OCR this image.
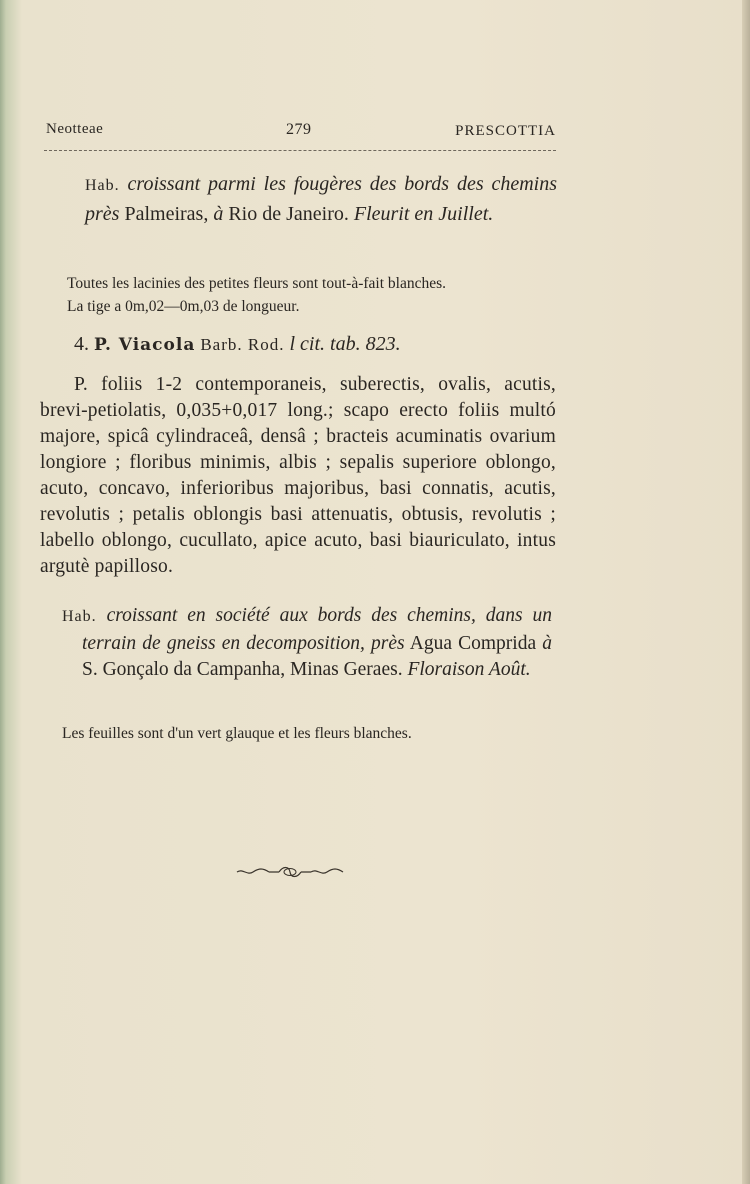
Neotteae	279	PRESCOTTIA
Hab. croissant parmi les fougères des bords des chemins près Palmeiras, à Rio de Janeiro. Fleurit en Juillet.
Toutes les lacinies des petites fleurs sont tout-à-fait blanches.
La tige a 0m,02—0m,03 de longueur.
4. P. Viacola Barb. Rod. l cit. tab. 823.
P. foliis 1-2 contemporaneis, suberectis, ovalis, acutis, brevi-petiolatis, 0,035+0,017 long.; scapo erecto foliis multó majore, spicâ cylindraceâ, densâ ; bracteis acuminatis ovarium longiore ; floribus minimis, albis ; sepalis superiore oblongo, acuto, concavo, inferioribus majoribus, basi connatis, acutis, revolutis ; petalis oblongis basi attenuatis, obtusis, revolutis ; labello oblongo, cucullato, apice acuto, basi biauriculato, intus argutè papilloso.
Hab. croissant en société aux bords des chemins, dans un terrain de gneiss en decomposition, près Agua Comprida à S. Gonçalo da Campanha, Minas Geraes. Floraison Août.
Les feuilles sont d'un vert glauque et les fleurs blanches.
